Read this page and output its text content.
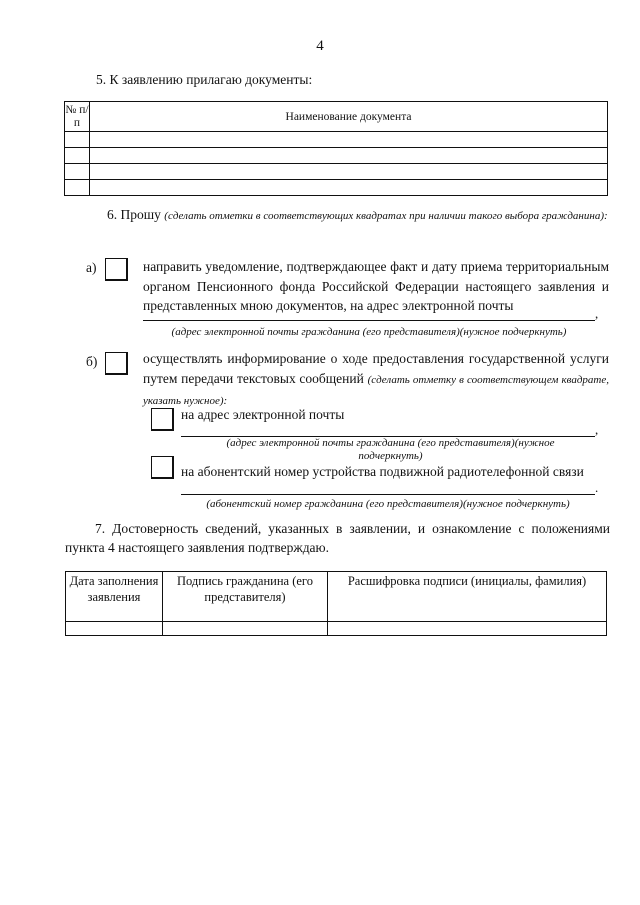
4
5. К заявлению прилагаю документы:
№ п/п	Наименование документа

6. Прошу (сделать отметки в соответствующих квадратах при наличии такого выбора гражданина):
а)	направить уведомление, подтверждающее факт и дату приема территориальным органом Пенсионного фонда Российской Федерации настоящего заявления и представленных мною документов, на адрес электронной почты
,
(адрес электронной почты гражданина (его представителя)(нужное подчеркнуть)
б)	осуществлять информирование о ходе предоставления государственной услуги путем передачи текстовых сообщений (сделать отметку в соответствующем квадрате, указать нужное):
на адрес электронной почты
,
(адрес электронной почты гражданина (его представителя)(нужное подчеркнуть)
на абонентский номер устройства подвижной радиотелефонной связи
.
(абонентский номер гражданина (его представителя)(нужное подчеркнуть)
7. Достоверность сведений, указанных в заявлении, и ознакомление с положениями пункта 4 настоящего заявления подтверждаю.
Дата заполнения заявления	Подпись гражданина (его представителя)	Расшифровка подписи (инициалы, фамилия)
